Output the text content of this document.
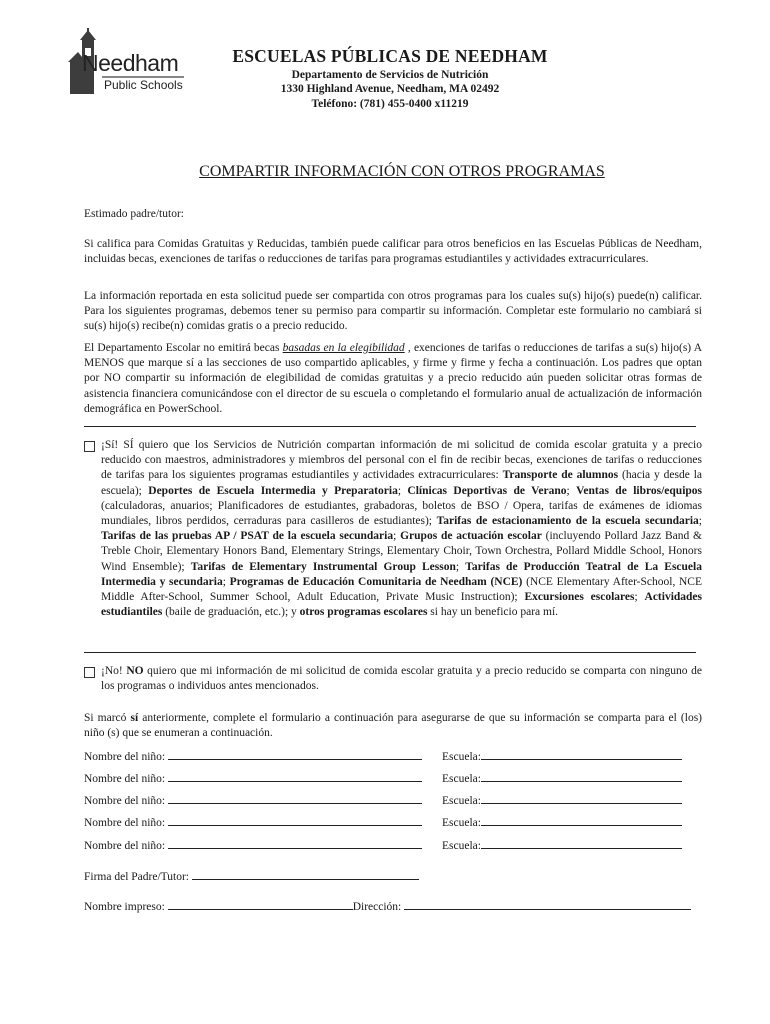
Needham
Public Schools
ESCUELAS PÚBLICAS DE NEEDHAM
Departamento de Servicios de Nutrición
1330 Highland Avenue, Needham, MA 02492
Teléfono: (781) 455-0400 x11219
COMPARTIR INFORMACIÓN CON OTROS PROGRAMAS
Estimado padre/tutor:
Si califica para Comidas Gratuitas y Reducidas, también puede calificar para otros beneficios en las Escuelas Públicas de Needham, incluidas becas, exenciones de tarifas o reducciones de tarifas para programas estudiantiles y actividades extracurriculares.
La información reportada en esta solicitud puede ser compartida con otros programas para los cuales su(s) hijo(s) puede(n) calificar. Para los siguientes programas, debemos tener su permiso para compartir su información. Completar este formulario no cambiará si su(s) hijo(s) recibe(n) comidas gratis o a precio reducido.
El Departamento Escolar no emitirá becas basadas en la elegibilidad , exenciones de tarifas o reducciones de tarifas a su(s) hijo(s) A MENOS que marque sí a las secciones de uso compartido aplicables, y firme y firme y fecha a continuación. Los padres que optan por NO compartir su información de elegibilidad de comidas gratuitas y a precio reducido aún pueden solicitar otras formas de asistencia financiera comunicándose con el director de su escuela o completando el formulario anual de actualización de información demográfica en PowerSchool.
¡Sí! SÍ quiero que los Servicios de Nutrición compartan información de mi solicitud de comida escolar gratuita y a precio reducido con maestros, administradores y miembros del personal con el fin de recibir becas, exenciones de tarifas o reducciones de tarifas para los siguientes programas estudiantiles y actividades extracurriculares: Transporte de alumnos (hacia y desde la escuela); Deportes de Escuela Intermedia y Preparatoria; Clínicas Deportivas de Verano; Ventas de libros/equipos (calculadoras, anuarios; Planificadores de estudiantes, grabadoras, boletos de BSO / Opera, tarifas de exámenes de idiomas mundiales, libros perdidos, cerraduras para casilleros de estudiantes); Tarifas de estacionamiento de la escuela secundaria; Tarifas de las pruebas AP / PSAT de la escuela secundaria; Grupos de actuación escolar (incluyendo Pollard Jazz Band & Treble Choir, Elementary Honors Band, Elementary Strings, Elementary Choir, Town Orchestra, Pollard Middle School, Honors Wind Ensemble); Tarifas de Elementary Instrumental Group Lesson; Tarifas de Producción Teatral de La Escuela Intermedia y secundaria; Programas de Educación Comunitaria de Needham (NCE) (NCE Elementary After-School, NCE Middle After-School, Summer School, Adult Education, Private Music Instruction); Excursiones escolares; Actividades estudiantiles (baile de graduación, etc.); y otros programas escolares si hay un beneficio para mí.
¡No! NO quiero que mi información de mi solicitud de comida escolar gratuita y a precio reducido se comparta con ninguno de los programas o individuos antes mencionados.
Si marcó sí anteriormente, complete el formulario a continuación para asegurarse de que su información se comparta para el (los) niño (s) que se enumeran a continuación.
Nombre del niño:	Escuela:
Nombre del niño:	Escuela:
Nombre del niño:	Escuela:
Nombre del niño:	Escuela:
Nombre del niño:	Escuela:
Firma del Padre/Tutor:
Nombre impreso:	Dirección:
